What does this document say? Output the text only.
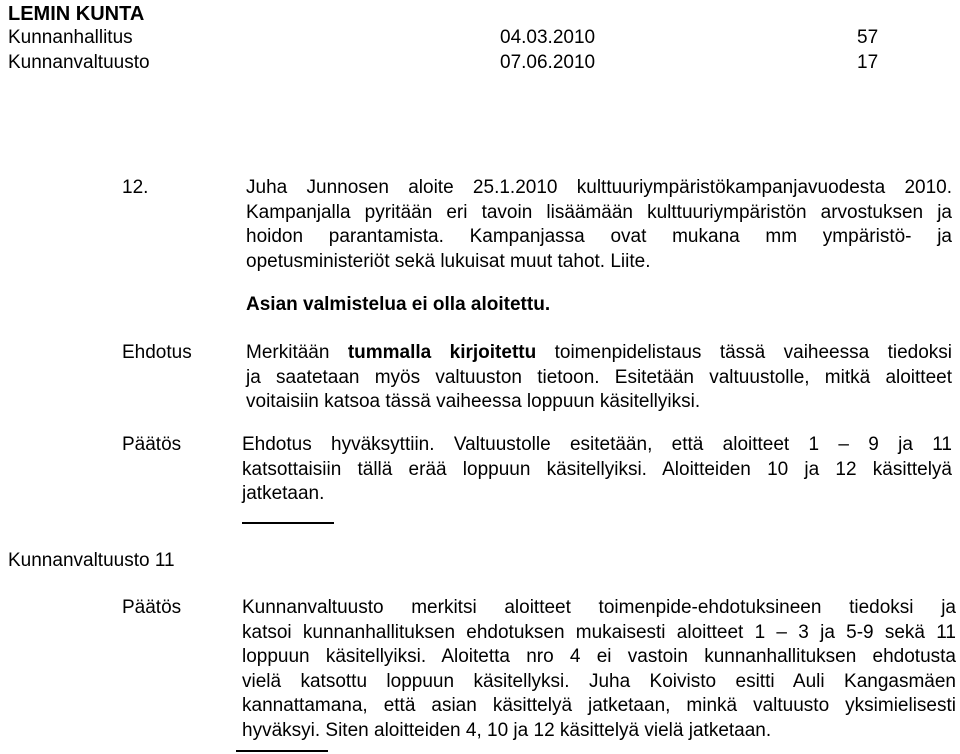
LEMIN KUNTA
Kunnanhallitus	04.03.2010	57
Kunnanvaltuusto	07.06.2010	17
12.	Juha Junnosen aloite 25.1.2010 kulttuuriympäristökampanjavuodesta 2010.
Kampanjalla pyritään eri tavoin lisäämään kulttuuriympäristön arvostuksen ja
hoidon parantamista. Kampanjassa ovat mukana mm ympäristö- ja
opetusministeriöt sekä lukuisat muut tahot. Liite.
Asian valmistelua ei olla aloitettu.
Ehdotus	Merkitään tummalla kirjoitettu toimenpidelistaus tässä vaiheessa tiedoksi
ja saatetaan myös valtuuston tietoon. Esitetään valtuustolle, mitkä aloitteet
voitaisiin katsoa tässä vaiheessa loppuun käsitellyiksi.
Päätös	Ehdotus hyväksyttiin. Valtuustolle esitetään, että aloitteet 1 – 9 ja 11
katsottaisiin tällä erää loppuun käsitellyiksi. Aloitteiden 10 ja 12 käsittelyä
jatketaan.
Kunnanvaltuusto 11
Päätös	Kunnanvaltuusto merkitsi aloitteet toimenpide-ehdotuksineen tiedoksi ja
katsoi kunnanhallituksen ehdotuksen mukaisesti aloitteet 1 – 3 ja 5-9 sekä 11
loppuun käsitellyiksi. Aloitetta nro 4 ei vastoin kunnanhallituksen ehdotusta
vielä katsottu loppuun käsitellyksi. Juha Koivisto esitti Auli Kangasmäen
kannattamana, että asian käsittelyä jatketaan, minkä valtuusto yksimielisesti
hyväksyi. Siten aloitteiden 4, 10 ja 12 käsittelyä vielä jatketaan.
